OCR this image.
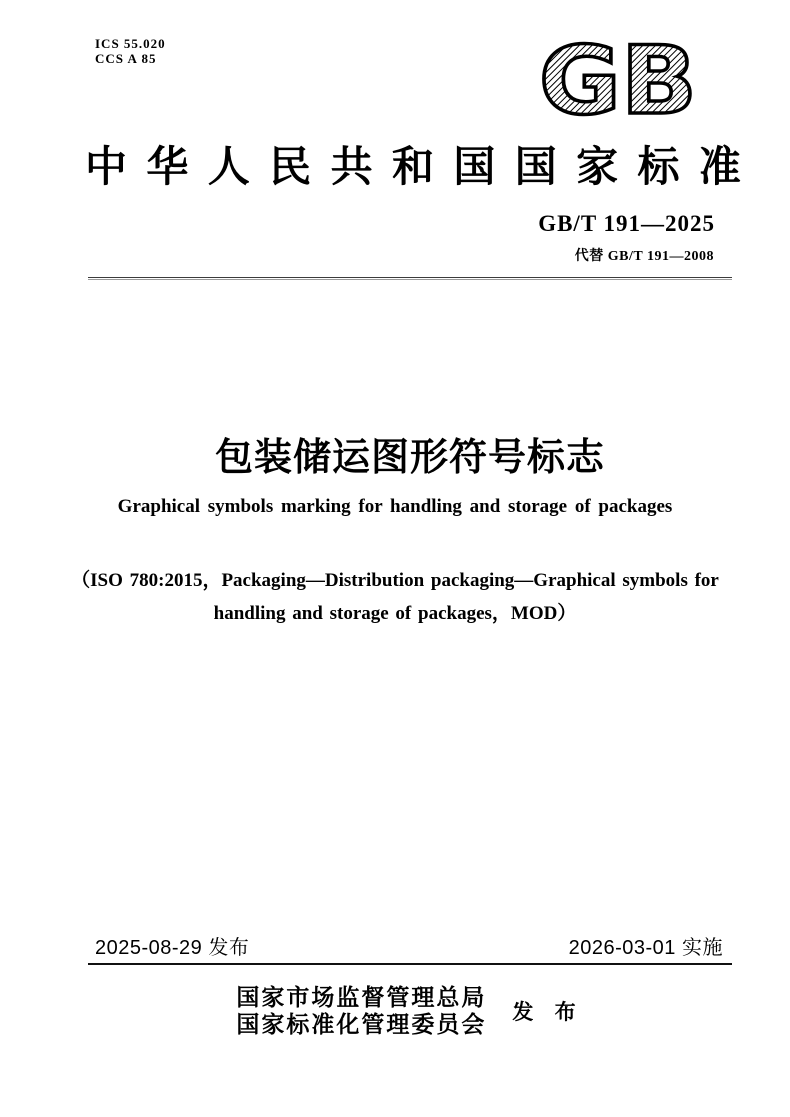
ICS 55.020
CCS A 85	GB
中 华 人 民 共 和 国 国 家 标 准
GB/T 191—2025
代替 GB/T 191—2008
包装储运图形符号标志
Graphical symbols marking for handling and storage of packages
（ISO 780:2015，Packaging—Distribution packaging—Graphical symbols for
handling and storage of packages，MOD）
2025-08-29 发布	2026-03-01 实施
国家市场监督管理总局
国家标准化管理委员会 发 布
